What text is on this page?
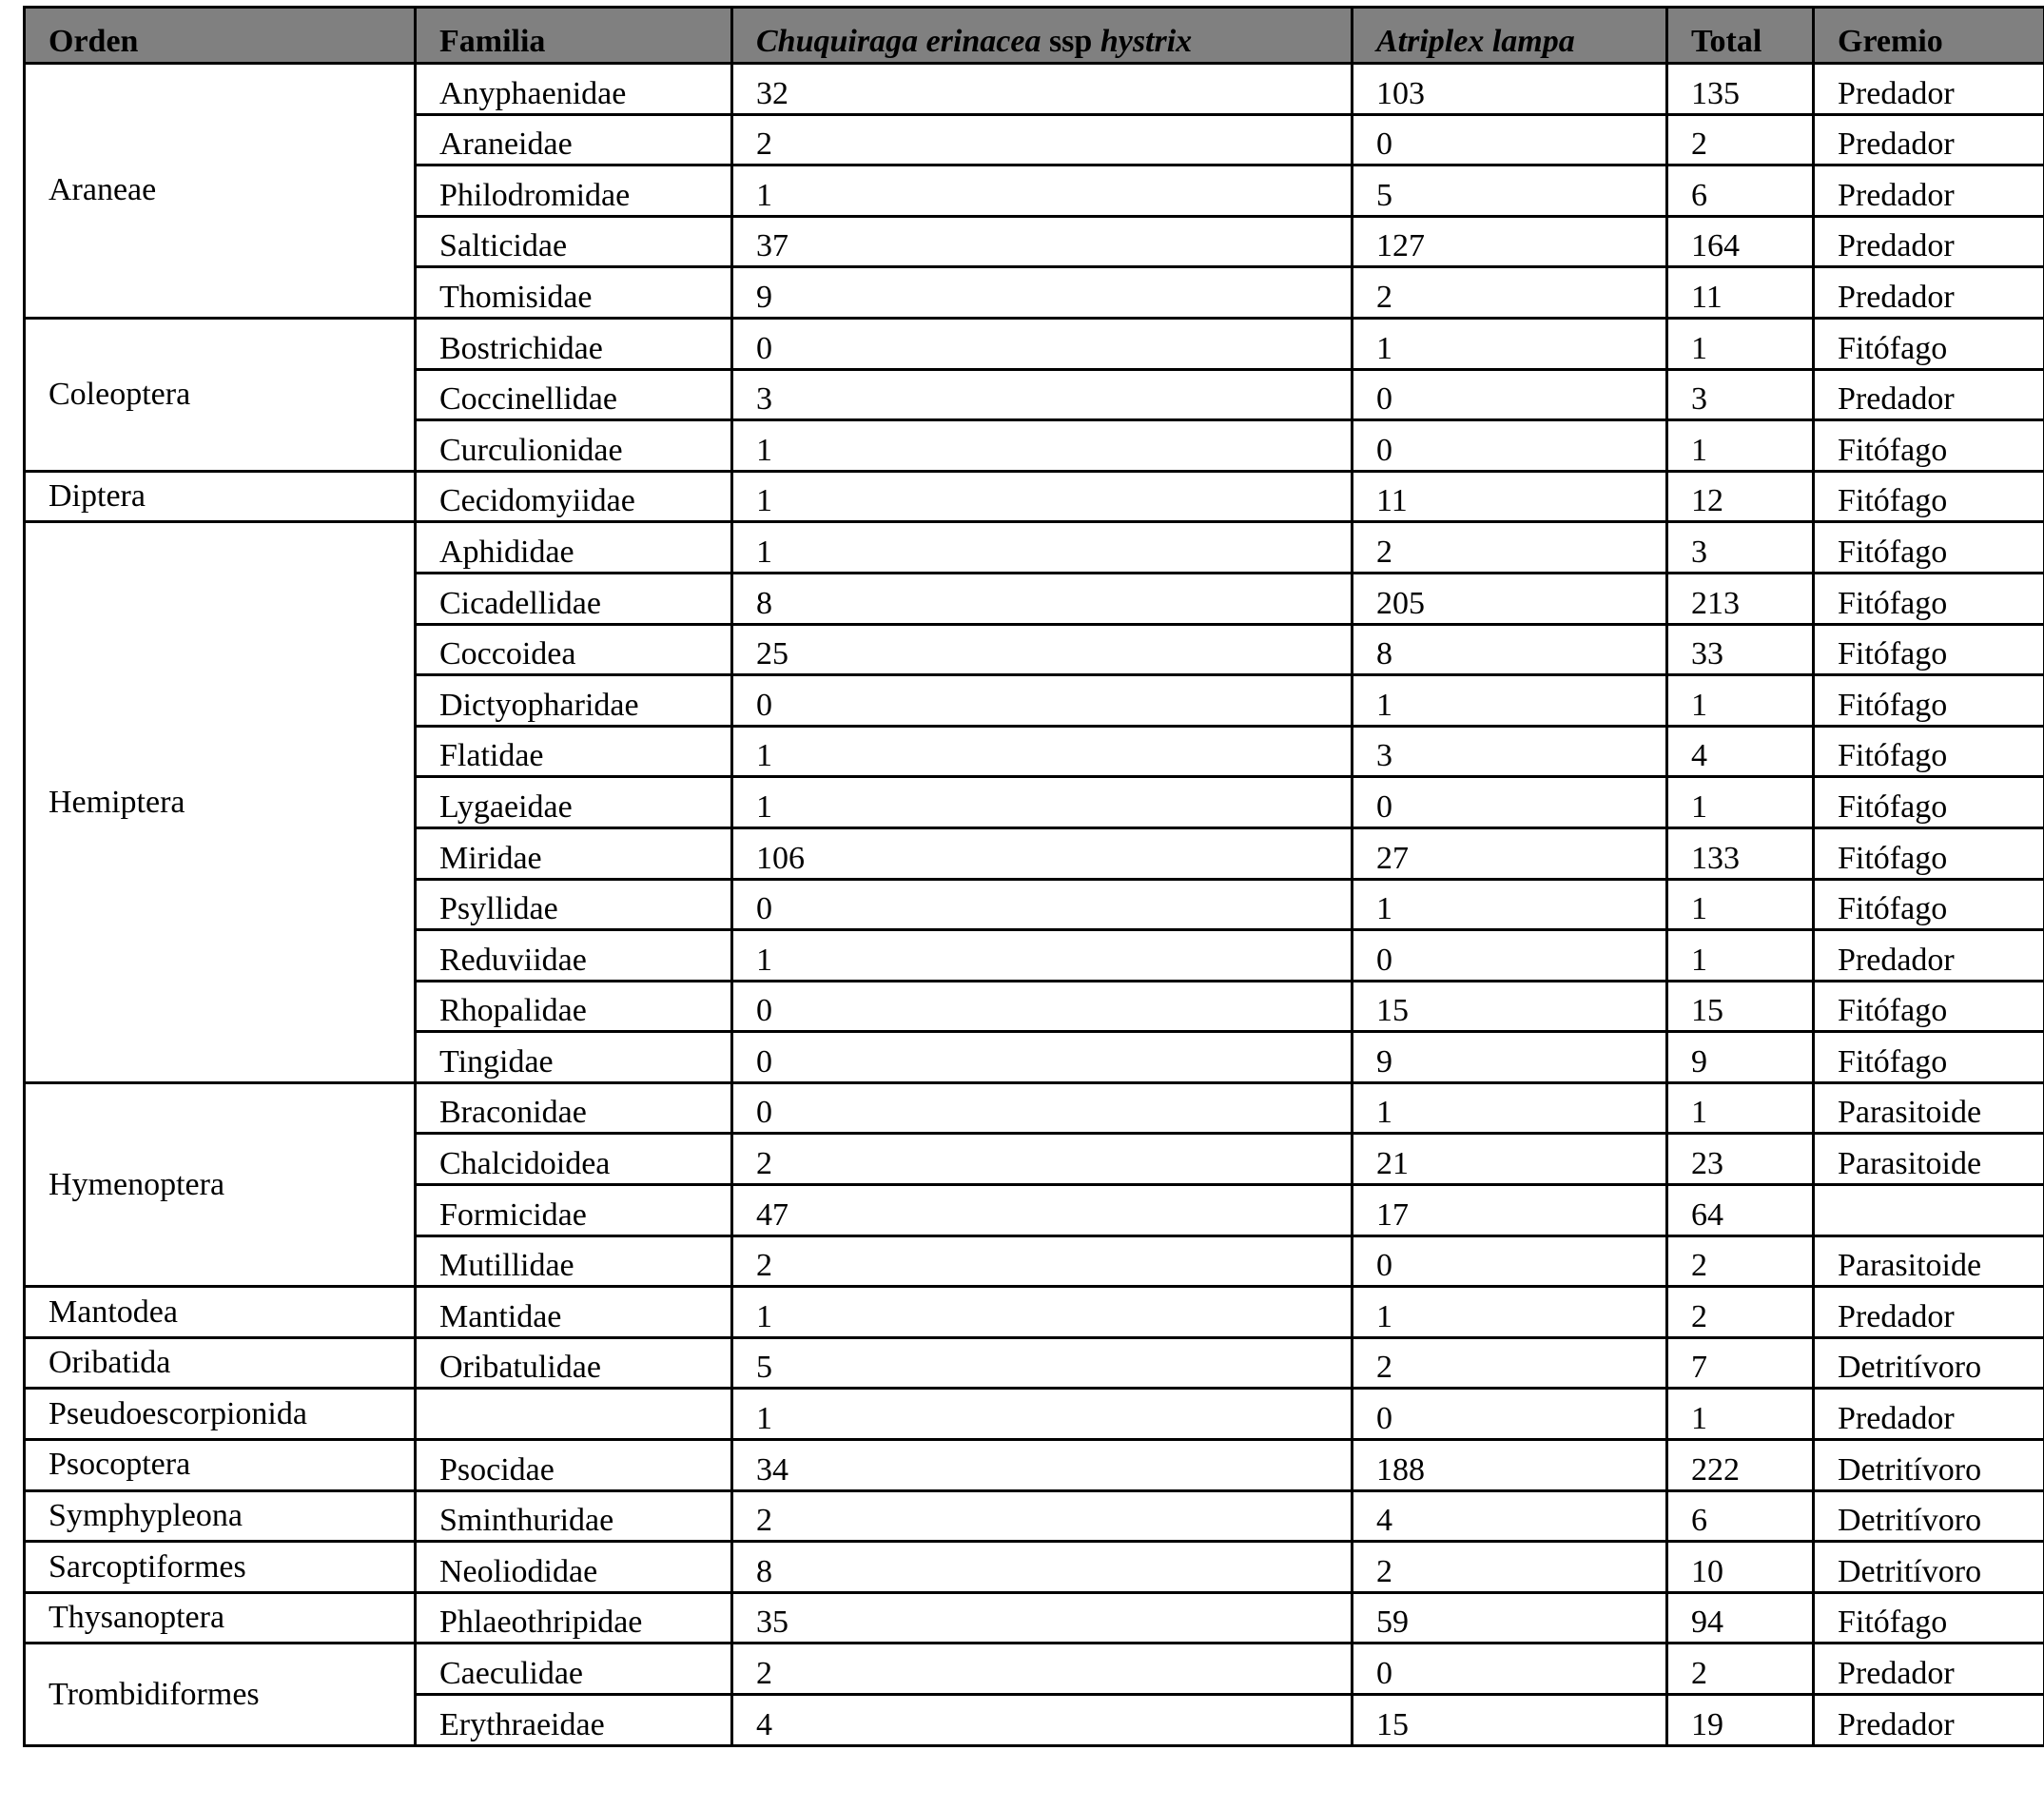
Orden	Familia	Chuquiraga erinacea ssp hystrix	Atriplex lampa	Total	Gremio
Araneae	Anyphaenidae	32	103	135	Predador
	Araneidae	2	0	2	Predador
	Philodromidae	1	5	6	Predador
	Salticidae	37	127	164	Predador
	Thomisidae	9	2	11	Predador
Coleoptera	Bostrichidae	0	1	1	Fitófago
	Coccinellidae	3	0	3	Predador
	Curculionidae	1	0	1	Fitófago
Diptera	Cecidomyiidae	1	11	12	Fitófago
Hemiptera	Aphididae	1	2	3	Fitófago
	Cicadellidae	8	205	213	Fitófago
	Coccoidea	25	8	33	Fitófago
	Dictyopharidae	0	1	1	Fitófago
	Flatidae	1	3	4	Fitófago
	Lygaeidae	1	0	1	Fitófago
	Miridae	106	27	133	Fitófago
	Psyllidae	0	1	1	Fitófago
	Reduviidae	1	0	1	Predador
	Rhopalidae	0	15	15	Fitófago
	Tingidae	0	9	9	Fitófago
Hymenoptera	Braconidae	0	1	1	Parasitoide
	Chalcidoidea	2	21	23	Parasitoide
	Formicidae	47	17	64	
	Mutillidae	2	0	2	Parasitoide
Mantodea	Mantidae	1	1	2	Predador
Oribatida	Oribatulidae	5	2	7	Detritívoro
Pseudoescorpionida		1	0	1	Predador
Psocoptera	Psocidae	34	188	222	Detritívoro
Symphypleona	Sminthuridae	2	4	6	Detritívoro
Sarcoptiformes	Neoliodidae	8	2	10	Detritívoro
Thysanoptera	Phlaeothripidae	35	59	94	Fitófago
Trombidiformes	Caeculidae	2	0	2	Predador
	Erythraeidae	4	15	19	Predador
